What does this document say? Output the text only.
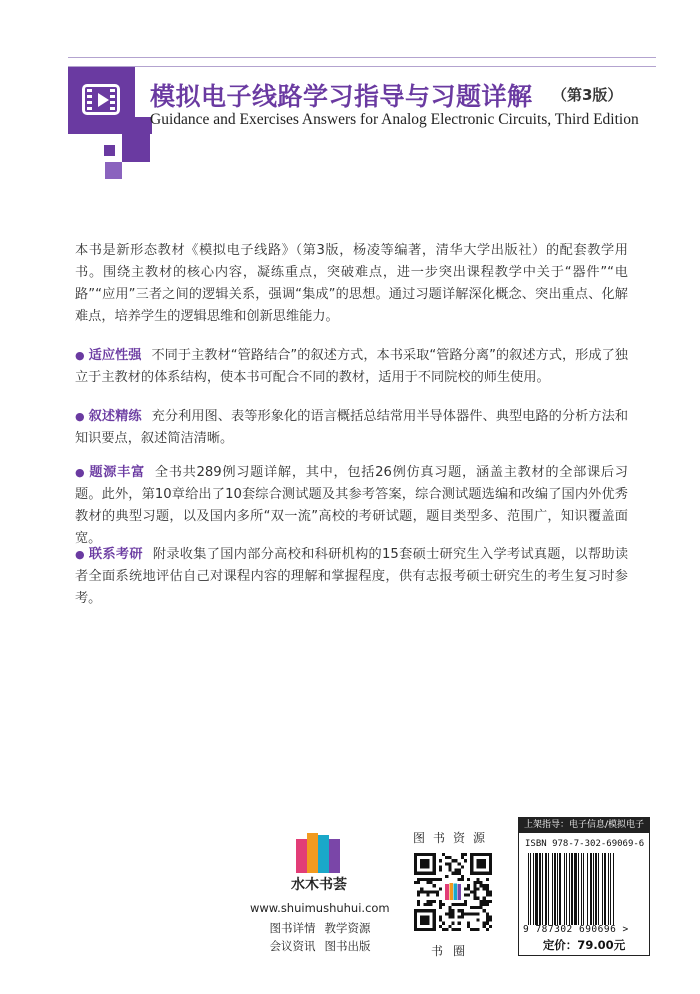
模拟电子线路学习指导与习题详解 （第3版）
Guidance and Exercises Answers for Analog Electronic Circuits, Third Edition

本书是新形态教材《模拟电子线路》（第3版，杨凌等编著，清华大学出版社）的配套教学用书。围绕主教材的核心内容，凝练重点，突破难点，进一步突出课程教学中关于“器件”“电路”“应用”三者之间的逻辑关系，强调“集成”的思想。通过习题详解深化概念、突出重点、化解难点，培养学生的逻辑思维和创新思维能力。

● 适应性强 不同于主教材“管路结合”的叙述方式，本书采取“管路分离”的叙述方式，形成了独立于主教材的体系结构，使本书可配合不同的教材，适用于不同院校的师生使用。

● 叙述精练 充分利用图、表等形象化的语言概括总结常用半导体器件、典型电路的分析方法和知识要点，叙述简洁清晰。

● 题源丰富 全书共289例习题详解，其中，包括26例仿真习题，涵盖主教材的全部课后习题。此外，第10章给出了10套综合测试题及其参考答案，综合测试题选编和改编了国内外优秀教材的典型习题，以及国内多所“双一流”高校的考研试题，题目类型多、范围广，知识覆盖面宽。

● 联系考研 附录收集了国内部分高校和科研机构的15套硕士研究生入学考试真题，以帮助读者全面系统地评估自己对课程内容的理解和掌握程度，供有志报考硕士研究生的考生复习时参考。

水木书荟
www.shuimushuhui.com
图书详情 教学资源
会议资讯 图书出版
图书资源
书圈
上架指导：电子信息/模拟电子
ISBN 978-7-302-69069-6
9 787302 690696 >
定价：79.00元
